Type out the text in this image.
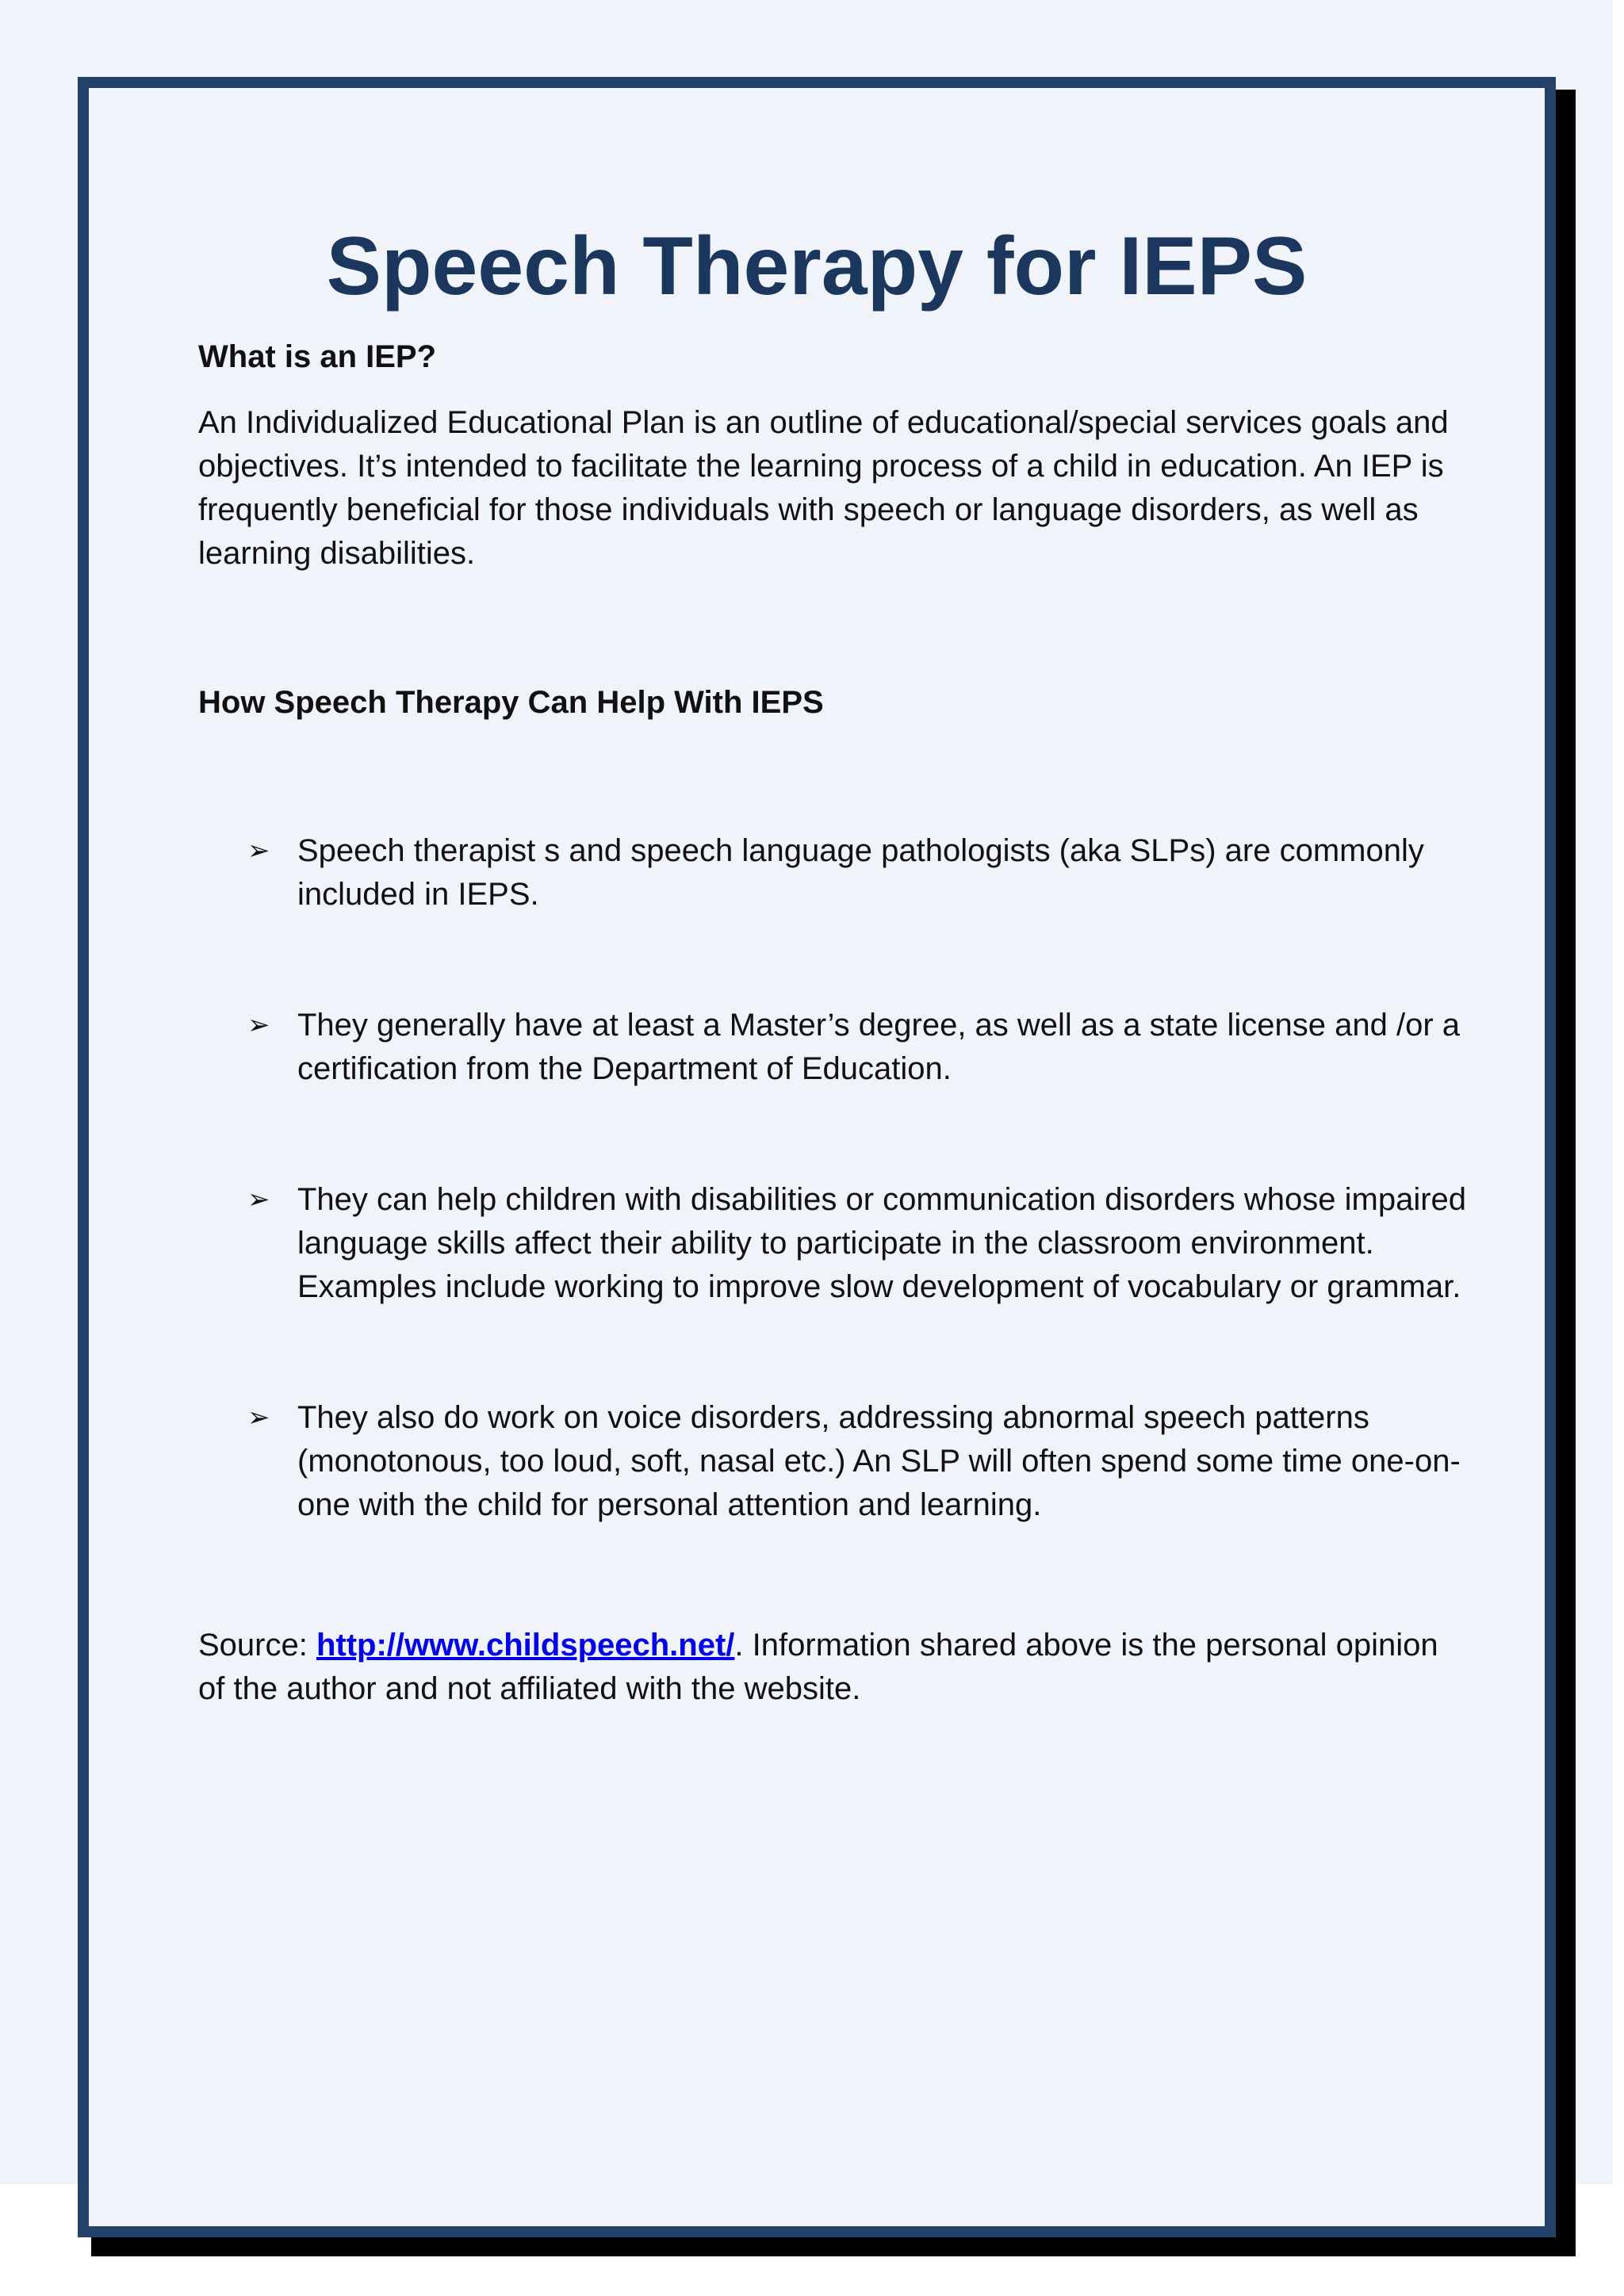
Speech Therapy for IEPS
What is an IEP?

An Individualized Educational Plan is an outline of educational/special services goals and objectives. It’s intended to facilitate the learning process of a child in education. An IEP is frequently beneficial for those individuals with speech or language disorders, as well as learning disabilities.

How Speech Therapy Can Help With IEPS
➢ Speech therapist s and speech language pathologists (aka SLPs) are commonly included in IEPS.
➢ They generally have at least a Master’s degree, as well as a state license and /or a certification from the Department of Education.
➢ They can help children with disabilities or communication disorders whose impaired language skills affect their ability to participate in the classroom environment. Examples include working to improve slow development of vocabulary or grammar.
➢ They also do work on voice disorders, addressing abnormal speech patterns (monotonous, too loud, soft, nasal etc.) An SLP will often spend some time one-on-one with the child for personal attention and learning.

Source: http://www.childspeech.net/. Information shared above is the personal opinion of the author and not affiliated with the website.
